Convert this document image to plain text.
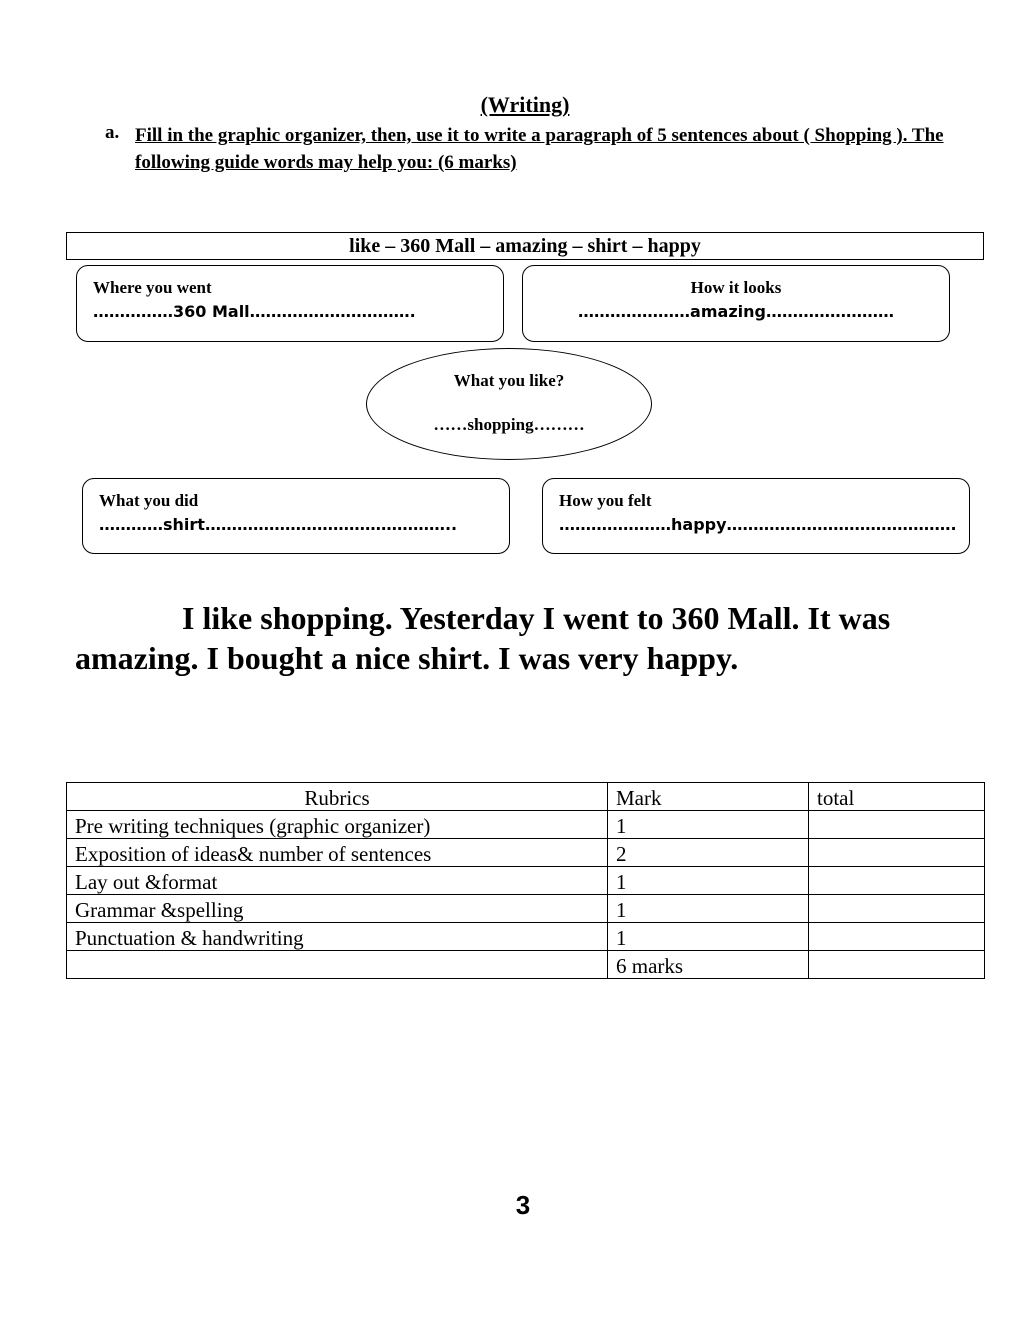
(Writing)
a. Fill in the graphic organizer, then, use it to write a paragraph of 5 sentences about ( Shopping ). The following guide words may help you: (6 marks)
like – 360 Mall – amazing – shirt – happy
Where you went
……………360 Mall………………………….
How it looks
…………………amazing……………………
What you like?
……shopping………
What you did
…………shirt………………………………………..
How you felt
…………………happy…………………………………….
I like shopping. Yesterday I went to 360 Mall. It was amazing. I bought a nice shirt. I was very happy.
Rubrics	Mark	total
Pre writing techniques (graphic organizer)	1	
Exposition of ideas& number of sentences	2	
Lay out &format	1	
Grammar &spelling	1	
Punctuation & handwriting	1	
	6 marks	
3
